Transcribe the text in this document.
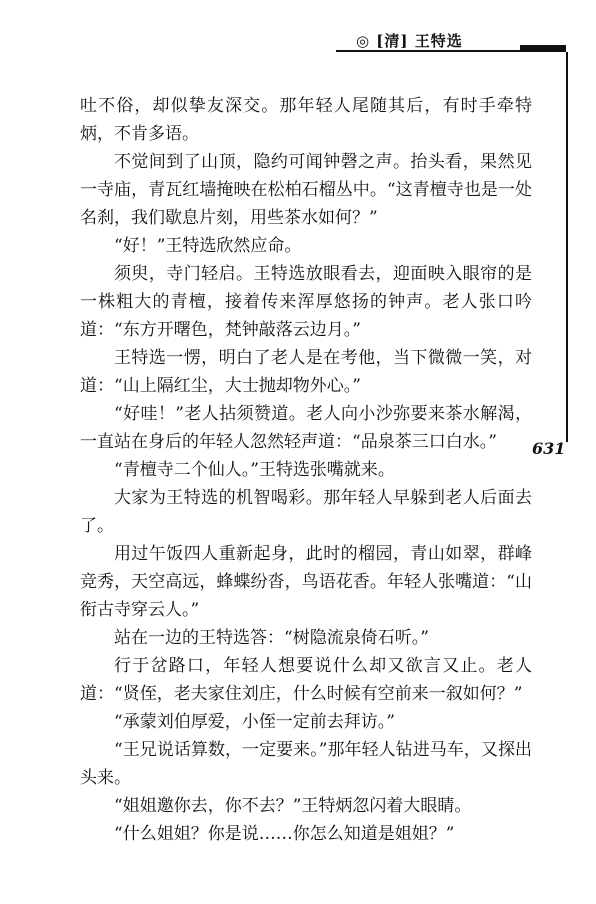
◎ [清] 王特选
631

吐不俗，却似挚友深交。那年轻人尾随其后，有时手牵特炳，不肯多语。

不觉间到了山顶，隐约可闻钟磬之声。抬头看，果然见一寺庙，青瓦红墙掩映在松柏石榴丛中。“这青檀寺也是一处名刹，我们歇息片刻，用些茶水如何？”

“好！”王特选欣然应命。

须臾，寺门轻启。王特选放眼看去，迎面映入眼帘的是一株粗大的青檀，接着传来浑厚悠扬的钟声。老人张口吟道：“东方开曙色，梵钟敲落云边月。”

王特选一愣，明白了老人是在考他，当下微微一笑，对道：“山上隔红尘，大士抛却物外心。”

“好哇！”老人拈须赞道。老人向小沙弥要来茶水解渴，一直站在身后的年轻人忽然轻声道：“品泉茶三口白水。”

“青檀寺二个仙人。”王特选张嘴就来。

大家为王特选的机智喝彩。那年轻人早躲到老人后面去了。

用过午饭四人重新起身，此时的榴园，青山如翠，群峰竞秀，天空高远，蜂蝶纷沓，鸟语花香。年轻人张嘴道：“山衔古寺穿云人。”

站在一边的王特选答：“树隐流泉倚石听。”

行于岔路口，年轻人想要说什么却又欲言又止。老人道：“贤侄，老夫家住刘庄，什么时候有空前来一叙如何？”

“承蒙刘伯厚爱，小侄一定前去拜访。”

“王兄说话算数，一定要来。”那年轻人钻进马车，又探出头来。

“姐姐邀你去，你不去？”王特炳忽闪着大眼睛。

“什么姐姐？你是说……你怎么知道是姐姐？”
